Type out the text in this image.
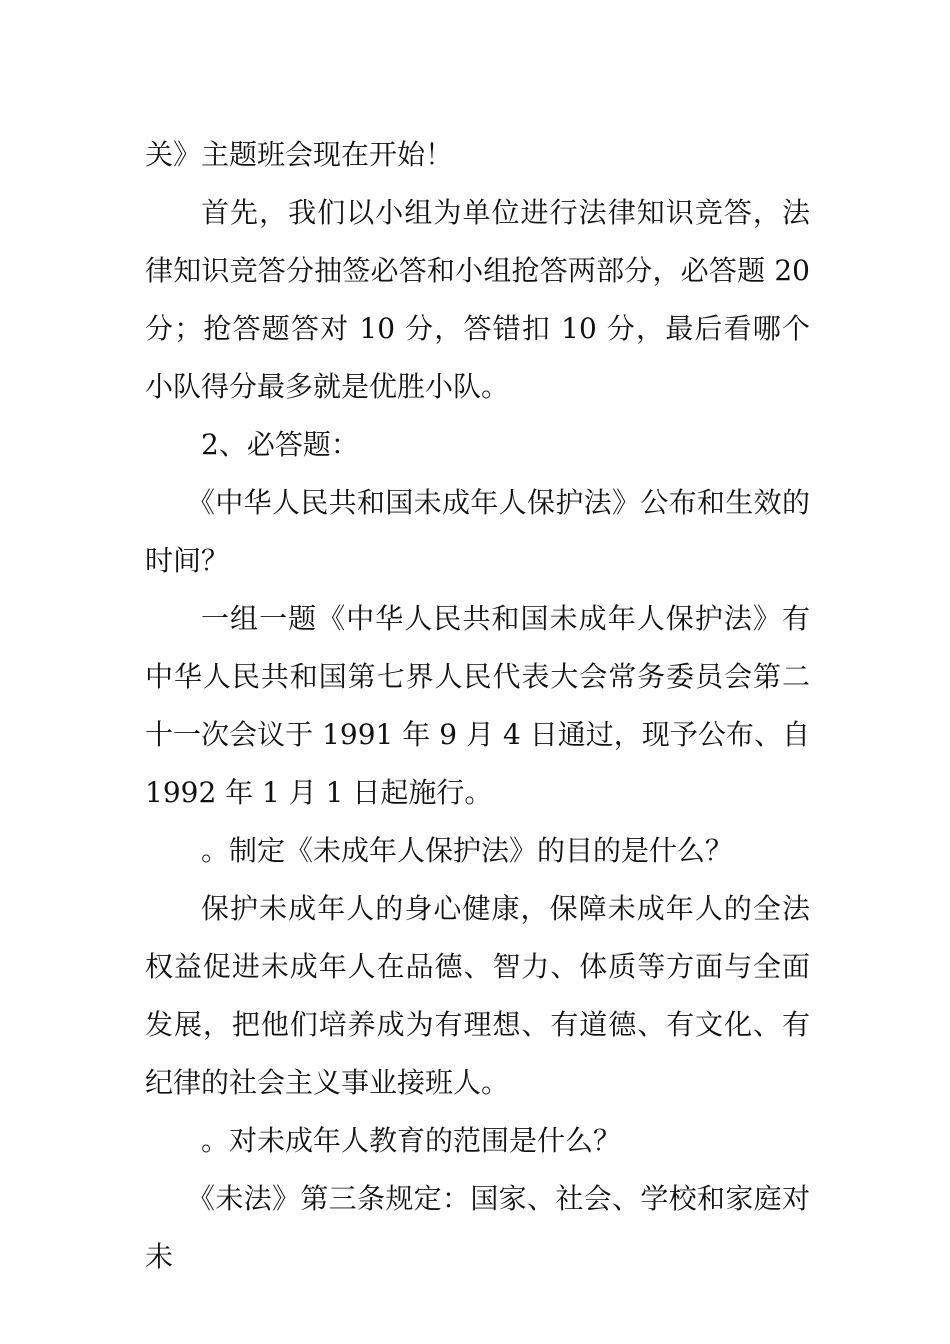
关》主题班会现在开始！

首先，我们以小组为单位进行法律知识竞答，法律知识竞答分抽签必答和小组抢答两部分，必答题 20 分；抢答题答对 10 分，答错扣 10 分，最后看哪个小队得分最多就是优胜小队。

2、必答题：

《中华人民共和国未成年人保护法》公布和生效的时间？

一组一题《中华人民共和国未成年人保护法》有中华人民共和国第七界人民代表大会常务委员会第二十一次会议于 1991 年 9 月 4 日通过，现予公布、自 1992 年 1 月 1 日起施行。

。制定《未成年人保护法》的目的是什么？

保护未成年人的身心健康，保障未成年人的全法权益促进未成年人在品德、智力、体质等方面与全面发展，把他们培养成为有理想、有道德、有文化、有纪律的社会主义事业接班人。

。对未成年人教育的范围是什么？

《未法》第三条规定：国家、社会、学校和家庭对未
